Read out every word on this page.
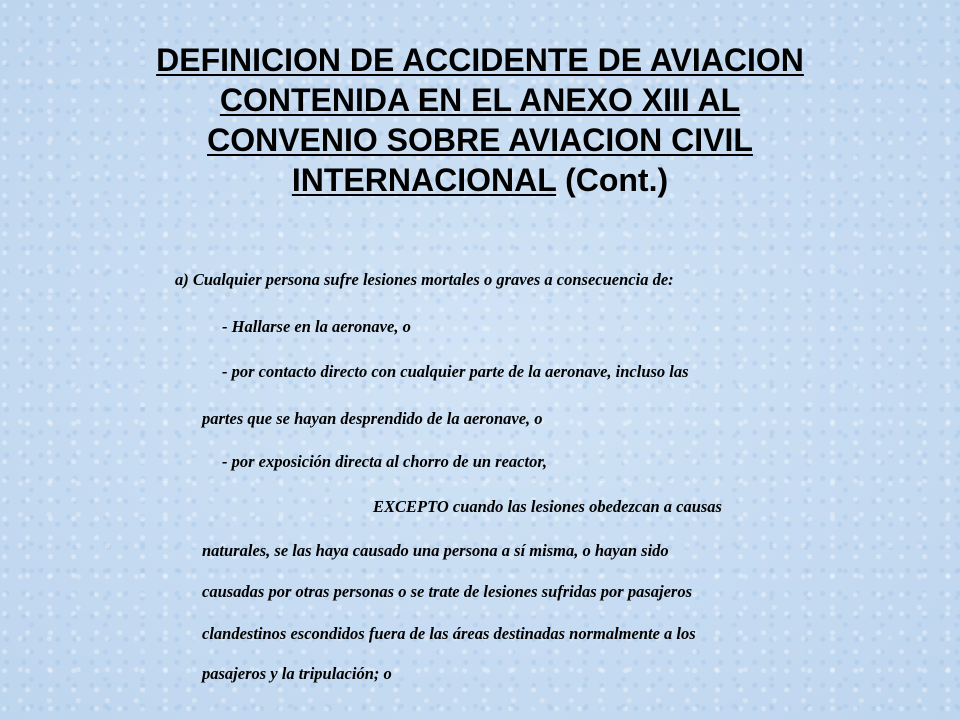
DEFINICION DE ACCIDENTE DE AVIACION
CONTENIDA EN EL ANEXO XIII AL
CONVENIO SOBRE AVIACION CIVIL
INTERNACIONAL (Cont.)
a) Cualquier persona sufre lesiones mortales o graves a consecuencia de:
- Hallarse en la aeronave, o
- por contacto directo con cualquier parte de la aeronave, incluso las
partes que se hayan desprendido de la aeronave, o
- por exposición directa al chorro de un reactor,
EXCEPTO cuando las lesiones obedezcan a causas
naturales, se las haya causado una persona a sí misma, o hayan sido
causadas por otras personas o se trate de lesiones sufridas por pasajeros
clandestinos escondidos fuera de las áreas destinadas normalmente a los
pasajeros y la tripulación; o
